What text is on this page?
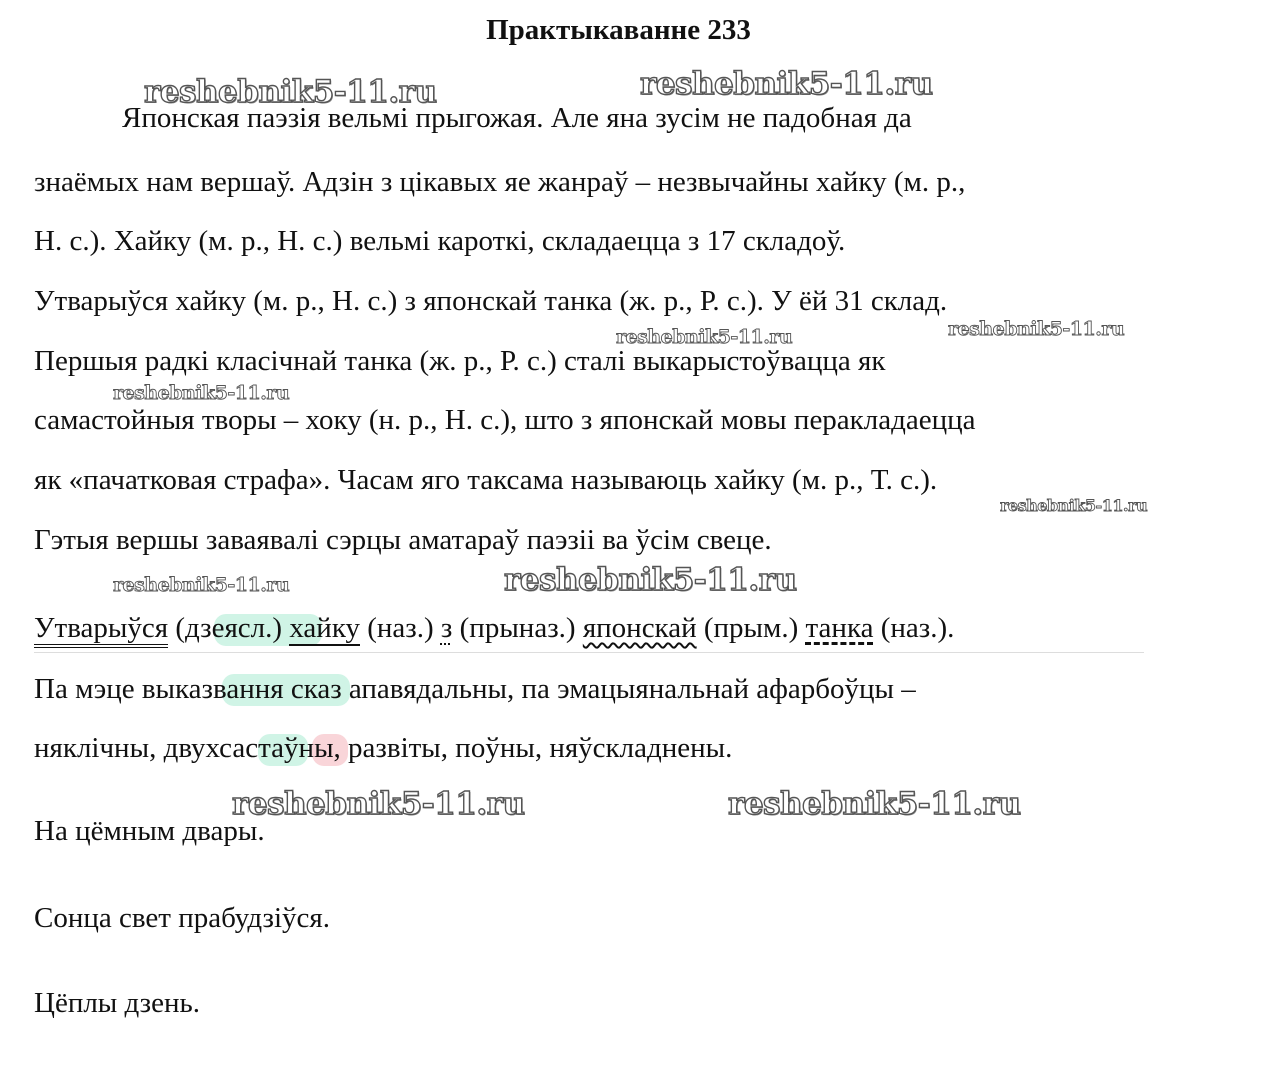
Практыкаванне 233
reshebnik5-11.ru	reshebnik5-11.ru
reshebnik5-11.ru	reshebnik5-11.ru
reshebnik5-11.ru
reshebnik5-11.ru
reshebnik5-11.ru	reshebnik5-11.ru
reshebnik5-11.ru	reshebnik5-11.ru
Японская паэзія вельмі прыгожая. Але яна зусім не падобная да
знаёмых нам вершаў. Адзін з цікавых яе жанраў – незвычайны хайку (м. р.,
Н. с.). Хайку (м. р., Н. с.) вельмі кароткі, складаецца з 17 складоў.
Утварыўся хайку (м. р., Н. с.) з японскай танка (ж. р., Р. с.). У ёй 31 склад.
Першыя радкі класічнай танка (ж. р., Р. с.) сталі выкарыстоўвацца як
самастойныя творы – хоку (н. р., Н. с.), што з японскай мовы перакладаецца
як «пачатковая страфа». Часам яго таксама называюць хайку (м. р., Т. с.).
Гэтыя вершы заваявалі сэрцы аматараў паэзіі ва ўсім свеце.
Утварыўся (дзеясл.) хайку (наз.) з (прыназ.) японскай (прым.) танка (наз.).
Па мэце выказвання сказ апавядальны, па эмацыянальнай афарбоўцы –
няклічны, двухсастаўны, развіты, поўны, няўскладнены.
На цёмным двары.
Сонца свет прабудзіўся.
Цёплы дзень.
